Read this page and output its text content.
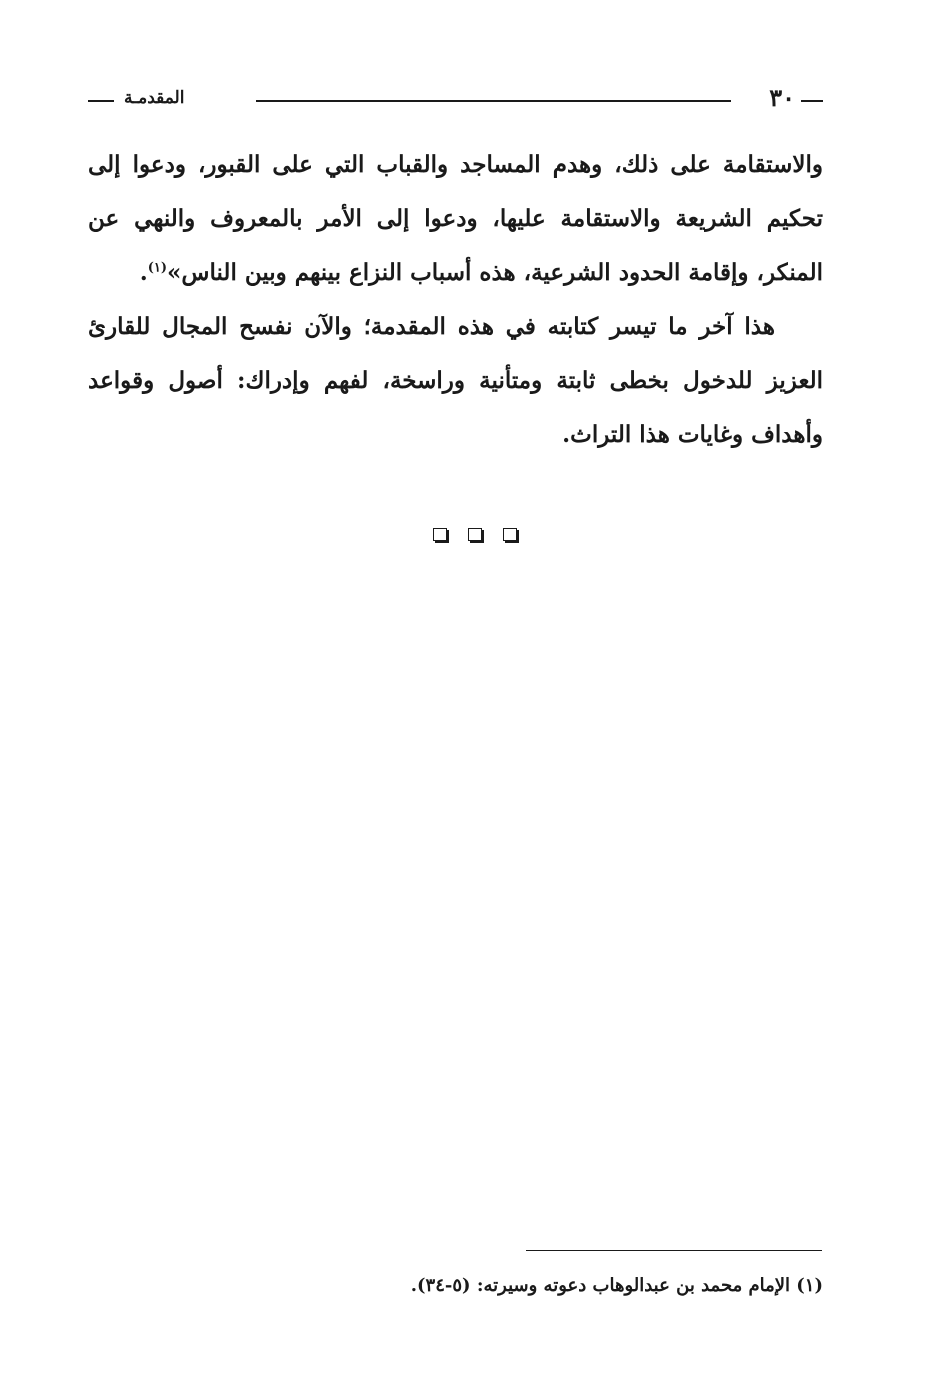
٣٠
المقدمـة

والاستقامة على ذلك، وهدم المساجد والقباب التي على القبور، ودعوا إلى تحكيم الشريعة والاستقامة عليها، ودعوا إلى الأمر بالمعروف والنهي عن المنكر، وإقامة الحدود الشرعية، هذه أسباب النزاع بينهم وبين الناس»$^{(١)}$.

هذا آخر ما تيسر كتابته في هذه المقدمة؛ والآن نفسح المجال للقارئ العزيز للدخول بخطى ثابتة ومتأنية وراسخة، لفهم وإدراك: أصول وقواعد وأهداف وغايات هذا التراث.

(١) الإمام محمد بن عبدالوهاب دعوته وسيرته: (٥-٣٤).
